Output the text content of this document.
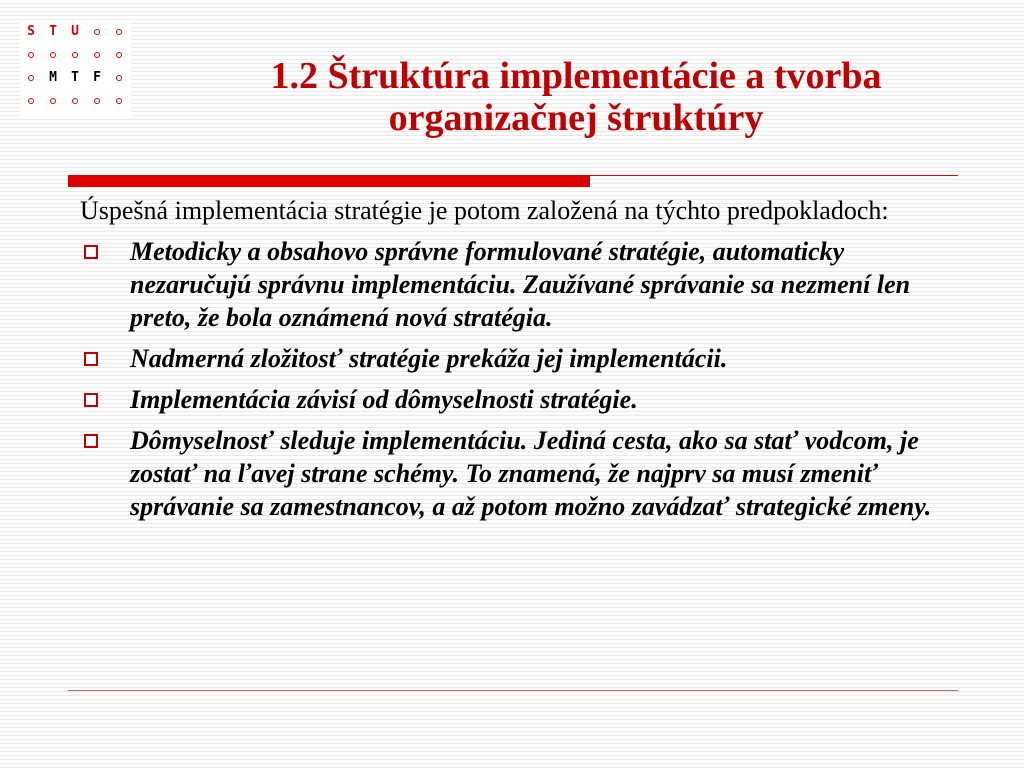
S T U
M T F	1.2 Štruktúra implementácie a tvorba
organizačnej štruktúry

Úspešná implementácia stratégie je potom založená na týchto predpokladoch:

Metodicky a obsahovo správne formulované stratégie, automaticky nezaručujú správnu implementáciu. Zaužívané správanie sa nezmení len preto, že bola oznámená nová stratégia.
Nadmerná zložitosť stratégie prekáža jej implementácii.
Implementácia závisí od dômyselnosti stratégie.
Dômyselnosť sleduje implementáciu. Jediná cesta, ako sa stať vodcom, je zostať na ľavej strane schémy. To znamená, že najprv sa musí zmeniť správanie sa zamestnancov, a až potom možno zavádzať strategické zmeny.
